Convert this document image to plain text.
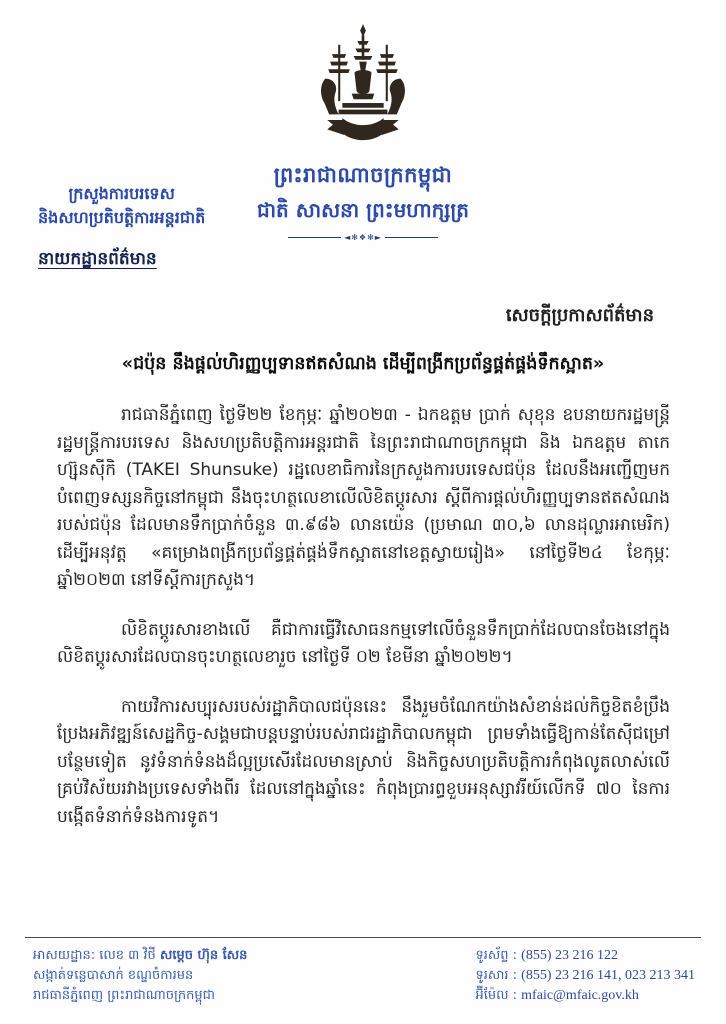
ព្រះរាជាណាចក្រកម្ពុជា
ជាតិ សាសនា ព្រះមហាក្សត្រ
◄✻❖✻►
ក្រសួងការបរទេស
និងសហប្រតិបត្តិការអន្តរជាតិ
នាយកដ្ឋានព័ត៌មាន
សេចក្តីប្រកាសព័ត៌មាន
«ជប៉ុន នឹងផ្តល់ហិរញ្ញប្បទានឥតសំណង ដើម្បីពង្រីកប្រព័ន្ធផ្គត់ផ្គង់ទឹកស្អាត»

រាជធានីភ្នំពេញ ថ្ងៃទី២២ ខែកុម្ភៈ ឆ្នាំ២០២៣ - ឯកឧត្តម ប្រាក់ សុខុន ឧបនាយករដ្ឋមន្ត្រី រដ្ឋមន្ត្រីការបរទេស និងសហប្រតិបត្តិការអន្តរជាតិ នៃព្រះរាជាណាចក្រកម្ពុជា និង ឯកឧត្តម តាកេ ហ្ស៊ុនស៊ីកិ (TAKEI Shunsuke) រដ្ឋលេខាធិការនៃក្រសួងការបរទេសជប៉ុន ដែលនឹងអញ្ជើញមកបំពេញទស្សនកិច្ចនៅកម្ពុជា នឹងចុះហត្ថលេខាលើលិខិតប្តូរសារ ស្តីពីការផ្តល់ហិរញ្ញប្បទានឥតសំណងរបស់ជប៉ុន ដែលមានទឹកប្រាក់ចំនួន ៣.៩៨៦ លានយ៉េន (ប្រមាណ ៣០,៦ លានដុល្លារអាមេរិក) ដើម្បីអនុវត្ត «គម្រោងពង្រីកប្រព័ន្ធផ្គត់ផ្គង់ទឹកស្អាតនៅខេត្តស្វាយរៀង» នៅថ្ងៃទី២៤ ខែកុម្ភៈ ឆ្នាំ២០២៣ នៅទីស្តីការក្រសួង។

លិខិតប្តូរសារខាងលើ គឺជាការធ្វើវិសោធនកម្មទៅលើចំនួនទឹកប្រាក់ដែលបានចែងនៅក្នុងលិខិតប្តូរសារដែលបានចុះហត្ថលេខារួច នៅថ្ងៃទី ០២ ខែមីនា ឆ្នាំ២០២២។

កាយវិការសប្បុរសរបស់រដ្ឋាភិបាលជប៉ុននេះ នឹងរួមចំណែកយ៉ាងសំខាន់ដល់កិច្ចខិតខំប្រឹងប្រែងអភិវឌ្ឍន៍សេដ្ឋកិច្ច-សង្គមជាបន្តបន្ទាប់របស់រាជរដ្ឋាភិបាលកម្ពុជា ព្រមទាំងធ្វើឱ្យកាន់តែស៊ីជម្រៅបន្ថែមទៀត នូវទំនាក់ទំនងដ៏ល្អប្រសើរដែលមានស្រាប់ និងកិច្ចសហប្រតិបត្តិការកំពុងលូតលាស់លើគ្រប់វិស័យរវាងប្រទេសទាំងពីរ ដែលនៅក្នុងឆ្នាំនេះ កំពុងប្រារព្ធខួបអនុស្សាវរីយ៍លើកទី ៧០ នៃការបង្កើតទំនាក់ទំនងការទូត។

អាសយដ្ឋាន: លេខ ៣ វិថី សម្តេច ហ៊ុន សែន
សង្កាត់ទន្លេបាសាក់ ខណ្ឌចំការមន
រាជធានីភ្នំពេញ ព្រះរាជាណាចក្រកម្ពុជា
ទូរស័ព្ទ : (855) 23 216 122
ទូរសារ : (855) 23 216 141, 023 213 341
អ៊ីម៉ែល : mfaic@mfaic.gov.kh
